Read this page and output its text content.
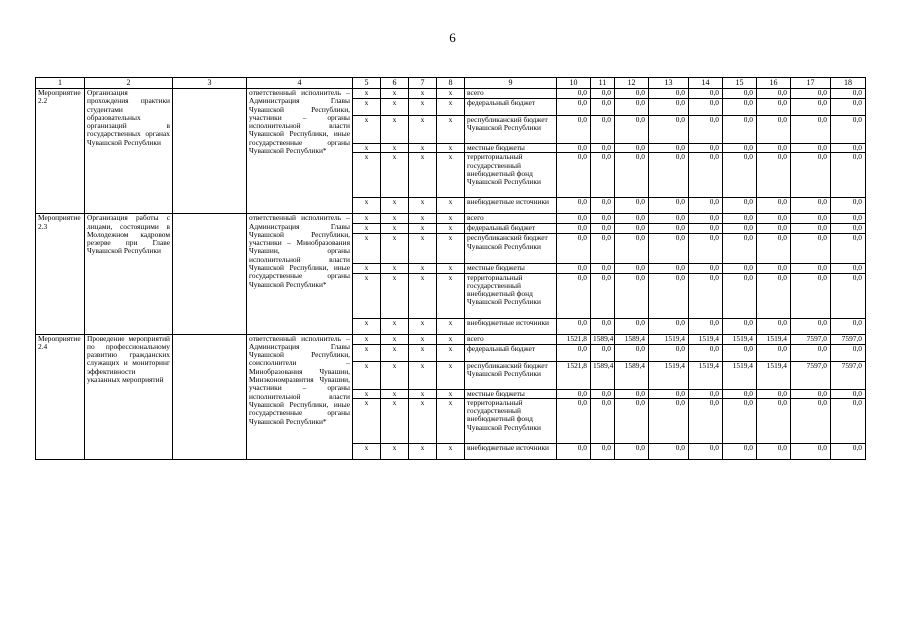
6
1	2	3	4	5	6	7	8	9	10	11	12	13	14	15	16	17	18
Мероприятие 2.2	Организация прохождения практики студентами образовательных организаций в государственных органах Чувашской Республики		ответственный исполнитель – Администрация Главы Чувашской Республики, участники – органы исполнительной власти Чувашской Республики, иные государственные органы Чувашской Республики*	x	x	x	x	всего	0,0	0,0	0,0	0,0	0,0	0,0	0,0	0,0	0,0
				x	x	x	x	федеральный бюджет	0,0	0,0	0,0	0,0	0,0	0,0	0,0	0,0	0,0
				x	x	x	x	республиканский бюджет Чувашской Республики	0,0	0,0	0,0	0,0	0,0	0,0	0,0	0,0	0,0
				x	x	x	x	местные бюджеты	0,0	0,0	0,0	0,0	0,0	0,0	0,0	0,0	0,0
				x	x	x	x	территориальный государственный внебюджетный фонд Чувашской Республики	0,0	0,0	0,0	0,0	0,0	0,0	0,0	0,0	0,0
				x	x	x	x	внебюджетные источники	0,0	0,0	0,0	0,0	0,0	0,0	0,0	0,0	0,0
Мероприятие 2.3	Организация работы с лицами, состоящими в Молодежном кадровом резерве при Главе Чувашской Республики		ответственный исполнитель – Администрация Главы Чувашской Республики, участники – Минобразования Чувашии, органы исполнительной власти Чувашской Республики, иные государственные органы Чувашской Республики*	x	x	x	x	всего	0,0	0,0	0,0	0,0	0,0	0,0	0,0	0,0	0,0
				x	x	x	x	федеральный бюджет	0,0	0,0	0,0	0,0	0,0	0,0	0,0	0,0	0,0
				x	x	x	x	республиканский бюджет Чувашской Республики	0,0	0,0	0,0	0,0	0,0	0,0	0,0	0,0	0,0
				x	x	x	x	местные бюджеты	0,0	0,0	0,0	0,0	0,0	0,0	0,0	0,0	0,0
				x	x	x	x	территориальный государственный внебюджетный фонд Чувашской Республики	0,0	0,0	0,0	0,0	0,0	0,0	0,0	0,0	0,0
				x	x	x	x	внебюджетные источники	0,0	0,0	0,0	0,0	0,0	0,0	0,0	0,0	0,0
Мероприятие 2.4	Проведение мероприятий по профессиональному развитию гражданских служащих и мониторинг эффективности указанных мероприятий		ответственный исполнитель – Администрация Главы Чувашской Республики, соисполнители – Минобразования Чувашии, Минэкономразвития Чувашии, участники – органы исполнительной власти Чувашской Республики, иные государственные органы Чувашской Республики*	x	x	x	x	всего	1521,8	1589,4	1589,4	1519,4	1519,4	1519,4	1519,4	7597,0	7597,0
				x	x	x	x	федеральный бюджет	0,0	0,0	0,0	0,0	0,0	0,0	0,0	0,0	0,0
				x	x	x	x	республиканский бюджет Чувашской Республики	1521,8	1589,4	1589,4	1519,4	1519,4	1519,4	1519,4	7597,0	7597,0
				x	x	x	x	местные бюджеты	0,0	0,0	0,0	0,0	0,0	0,0	0,0	0,0	0,0
				x	x	x	x	территориальный государственный внебюджетный фонд Чувашской Республики	0,0	0,0	0,0	0,0	0,0	0,0	0,0	0,0	0,0
				x	x	x	x	внебюджетные источники	0,0	0,0	0,0	0,0	0,0	0,0	0,0	0,0	0,0
